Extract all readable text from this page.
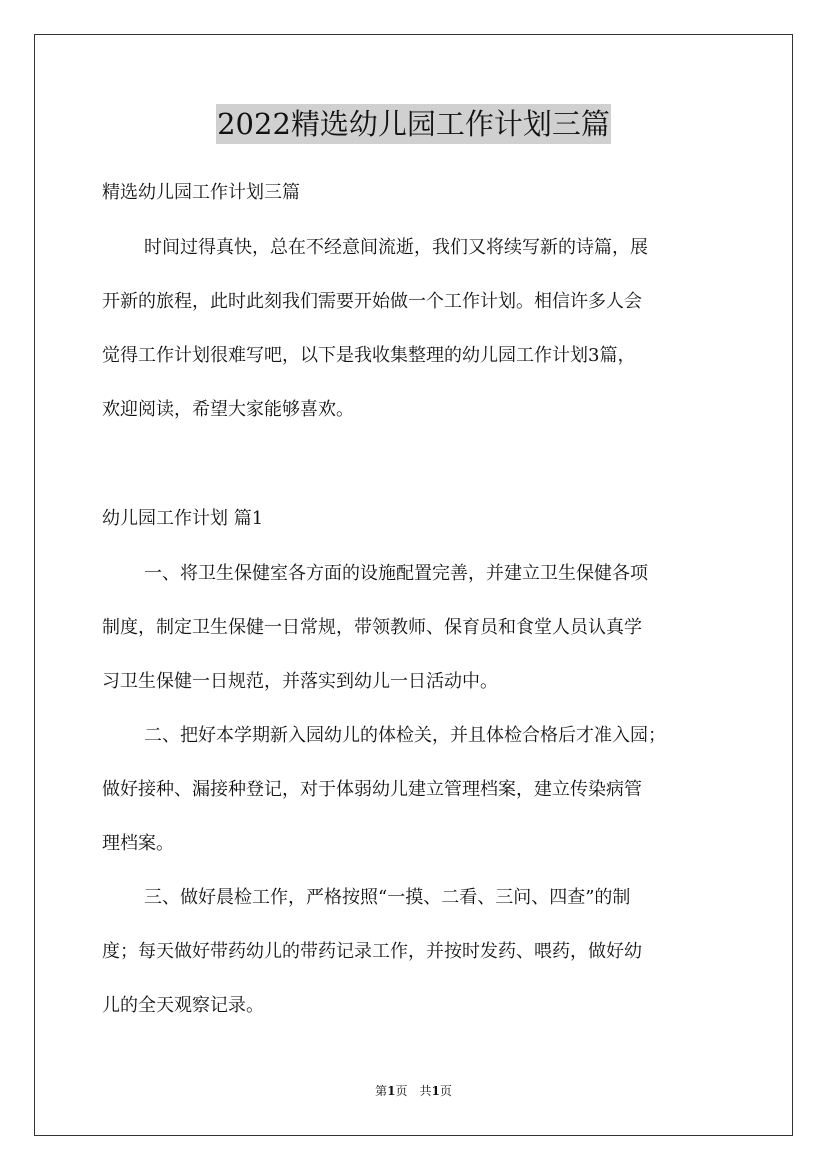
2022精选幼儿园工作计划三篇

精选幼儿园工作计划三篇

时间过得真快，总在不经意间流逝，我们又将续写新的诗篇，展

开新的旅程，此时此刻我们需要开始做一个工作计划。相信许多人会

觉得工作计划很难写吧，以下是我收集整理的幼儿园工作计划3篇，

欢迎阅读，希望大家能够喜欢。

幼儿园工作计划 篇1

一、将卫生保健室各方面的设施配置完善，并建立卫生保健各项

制度，制定卫生保健一日常规，带领教师、保育员和食堂人员认真学

习卫生保健一日规范，并落实到幼儿一日活动中。

二、把好本学期新入园幼儿的体检关，并且体检合格后才准入园；

做好接种、漏接种登记，对于体弱幼儿建立管理档案，建立传染病管

理档案。

三、做好晨检工作，严格按照“一摸、二看、三问、四查”的制

度；每天做好带药幼儿的带药记录工作，并按时发药、喂药，做好幼

儿的全天观察记录。

第1页 共1页
